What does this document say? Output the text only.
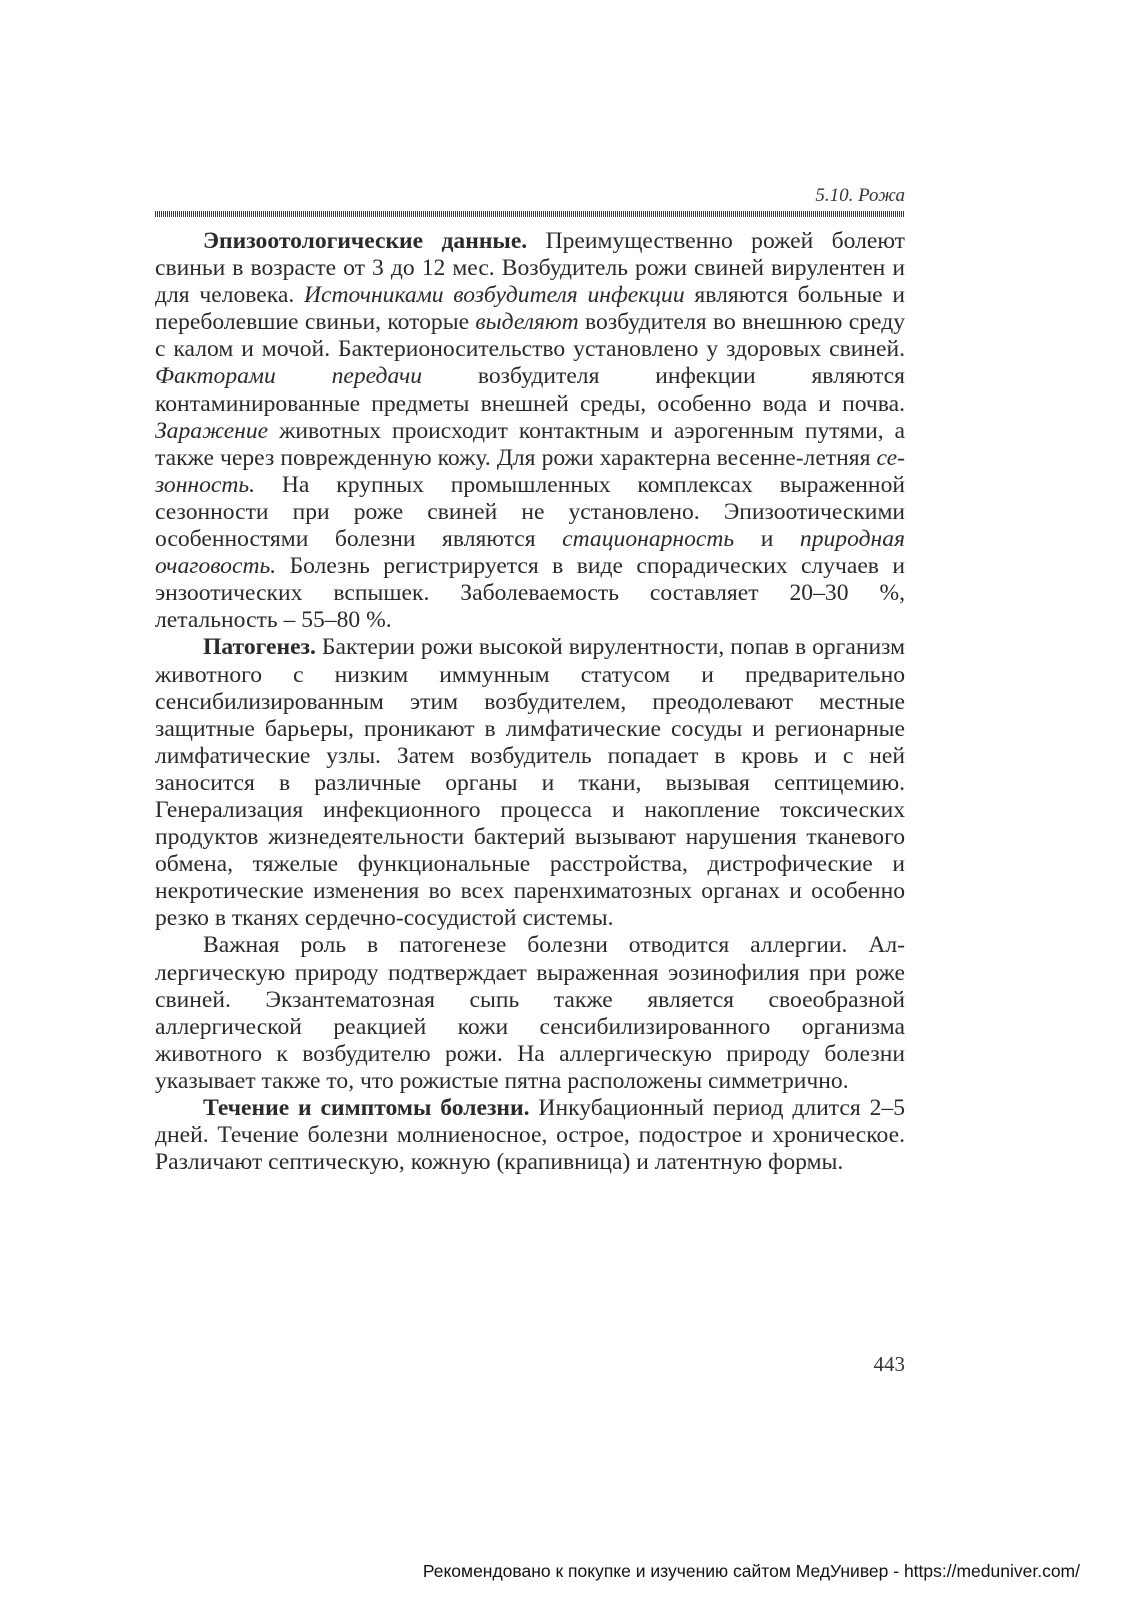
5.10. Рожа

Эпизоотологические данные. Преимущественно рожей болеют свиньи в возрасте от 3 до 12 мес. Возбудитель рожи свиней вирулентен и для человека. Источниками возбудителя инфекции являются больные и переболевшие свиньи, которые выделяют возбудителя во внешнюю среду с калом и мочой. Бактерионосительство установлено у здоровых свиней. Факторами передачи возбудителя инфекции являются контаминированные предметы внешней среды, особенно вода и почва. Заражение животных происходит контактным и аэрогенным путями, а также через поврежденную кожу. Для рожи характерна весенне-летняя сезонность. На крупных промышленных комплексах выраженной сезонности при роже свиней не установлено. Эпизоотическими особенностями болезни являются стационарность и природная очаговость. Болезнь регистрируется в виде спорадических случаев и энзоотических вспышек. Заболеваемость составляет 20–30 %, летальность – 55–80 %.

Патогенез. Бактерии рожи высокой вирулентности, попав в организм животного с низким иммунным статусом и предварительно сенсибилизированным этим возбудителем, преодолевают местные защитные барьеры, проникают в лимфатические сосуды и регионарные лимфатические узлы. Затем возбудитель попадает в кровь и с ней заносится в различные органы и ткани, вызывая септицемию. Генерализация инфекционного процесса и накопление токсических продуктов жизнедеятельности бактерий вызывают нарушения тканевого обмена, тяжелые функциональные расстройства, дистрофические и некротические изменения во всех паренхиматозных органах и особенно резко в тканях сердечно-сосудистой системы.

Важная роль в патогенезе болезни отводится аллергии. Аллергическую природу подтверждает выраженная эозинофилия при роже свиней. Экзантематозная сыпь также является своеобразной аллергической реакцией кожи сенсибилизированного организма животного к возбудителю рожи. На аллергическую природу болезни указывает также то, что рожистые пятна расположены симметрично.

Течение и симптомы болезни. Инкубационный период длится 2–5 дней. Течение болезни молниеносное, острое, подострое и хроническое. Различают септическую, кожную (крапивница) и латентную формы.

443
Рекомендовано к покупке и изучению сайтом МедУнивер - https://meduniver.com/
